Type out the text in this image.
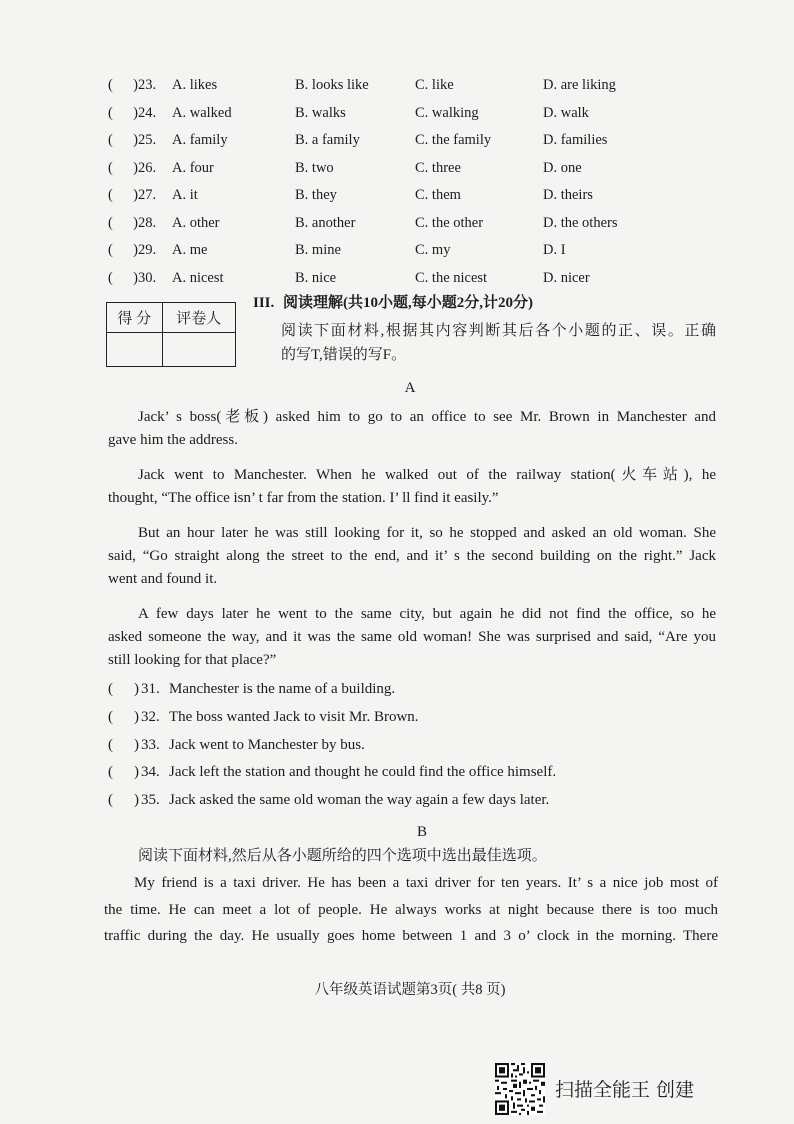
( ) 23. A. likes	B. looks like	C. like	D. are liking
( ) 24. A. walked	B. walks	C. walking	D. walk
( ) 25. A. family	B. a family	C. the family	D. families
( ) 26. A. four	B. two	C. three	D. one
( ) 27. A. it	B. they	C. them	D. theirs
( ) 28. A. other	B. another	C. the other	D. the others
( ) 29. A. me	B. mine	C. my	D. I
( ) 30. A. nicest	B. nice	C. the nicest	D. nicer
得 分	评卷人

III. 阅读理解(共10小题,每小题2分,计20分)
阅读下面材料,根据其内容判断其后各个小题的正、误。正确
的写T,错误的写F。
A
Jack’ s boss(老板) asked him to go to an office to see Mr. Brown in Manchester and
gave him the address.
Jack went to Manchester. When he walked out of the railway station(火车站), he
thought, “The office isn’ t far from the station. I’ ll find it easily.”
But an hour later he was still looking for it, so he stopped and asked an old woman. She
said, “Go straight along the street to the end, and it’ s the second building on the right.” Jack
went and found it.
A few days later he went to the same city, but again he did not find the office, so he
asked someone the way, and it was the same old woman! She was surprised and said, “Are you
still looking for that place?”
( ) 31. Manchester is the name of a building.
( ) 32. The boss wanted Jack to visit Mr. Brown.
( ) 33. Jack went to Manchester by bus.
( ) 34. Jack left the station and thought he could find the office himself.
( ) 35. Jack asked the same old woman the way again a few days later.
B
阅读下面材料,然后从各小题所给的四个选项中选出最佳选项。
My friend is a taxi driver. He has been a taxi driver for ten years. It’ s a nice job most of
the time. He can meet a lot of people. He always works at night because there is too much
traffic during the day. He usually goes home between 1 and 3 o’ clock in the morning. There
八年级英语试题第3页( 共8 页)
扫描全能王 创建
